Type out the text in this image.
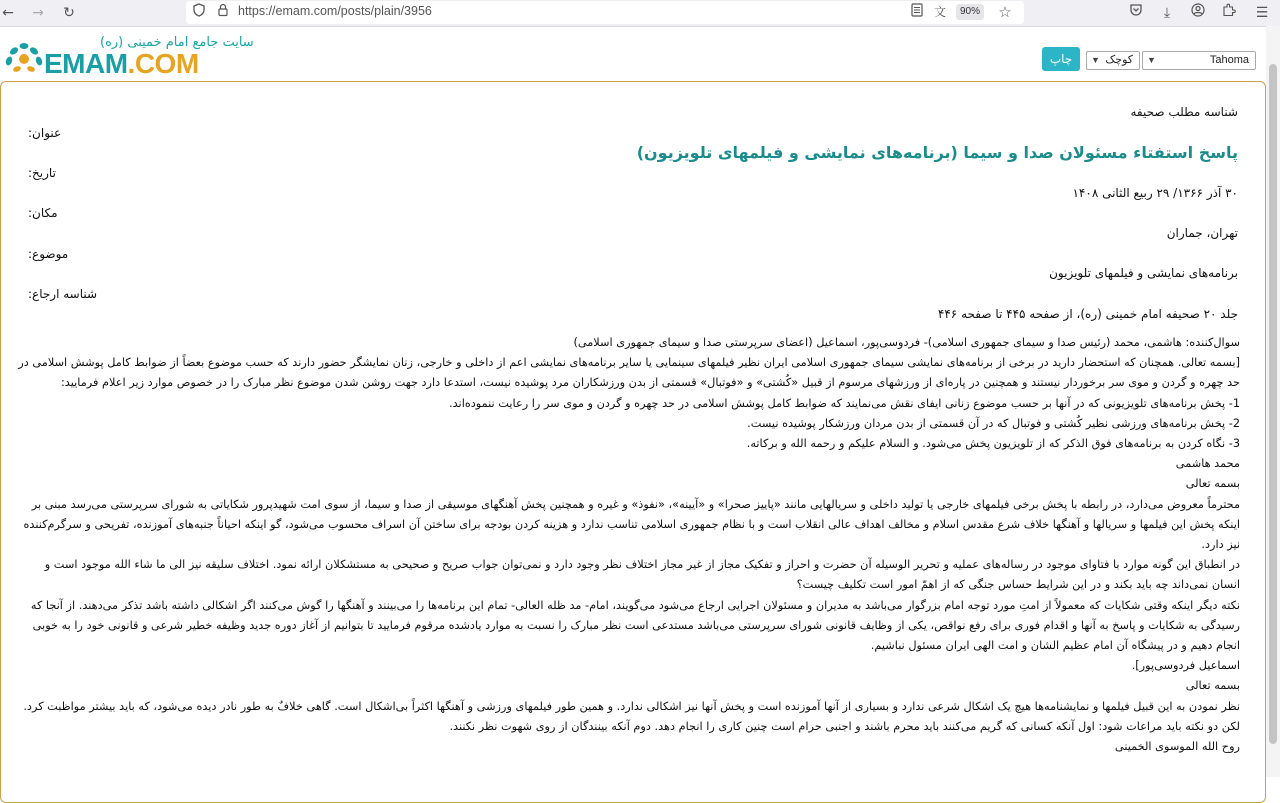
← → ↻	https://emam.com/posts/plain/3956	文	90% ☆	⤓	☰
سایت جامع امام خمینی (ره)
EMAM.COM	چاپ	▼ کوچک ▼	Tahoma
شناسه مطلب صحیفه
عنوان:
پاسخ استفتاء مسئولان صدا و سیما (برنامه‌های نمایشی و فیلمهای تلویزیون)
تاریخ:
۳۰ آذر ۱۳۶۶/ ۲۹ ربیع الثانی ۱۴۰۸
مکان:
تهران، جماران
موضوع:
برنامه‌های نمایشی و فیلمهای تلویزیون
شناسه ارجاع:
جلد ۲۰ صحیفه امام خمینی (ره)، از صفحه ۴۴۵ تا صفحه ۴۴۶

سوال‌کننده: هاشمی، محمد (رئیس صدا و سیمای جمهوری اسلامی)- فردوسی‌پور، اسماعیل (اعضای سرپرستی صدا و سیمای جمهوری اسلامی)

[بسمه تعالی. همچنان که استحضار دارید در برخی از برنامه‌های نمایشی سیمای جمهوری اسلامی ایران نظیر فیلمهای سینمایی یا سایر برنامه‌های نمایشی اعم از داخلی و خارجی، زنان نمایشگر حضور دارند که حسب موضوع بعضاً از ضوابط کامل پوشش اسلامی در حد چهره و گردن و موی سر برخوردار نیستند و همچنین در پاره‌ای از ورزشهای مرسوم از قبیل «کُشتی» و «فوتبال» قسمتی از بدن ورزشکاران مرد پوشیده نیست، استدعا دارد جهت روشن شدن موضوع نظر مبارک را در خصوص موارد زیر اعلام فرمایید:

1- پخش برنامه‌های تلویزیونی که در آنها بر حسب موضوع زنانی ایفای نقش می‌نمایند که ضوابط کامل پوشش اسلامی در حد چهره و گردن و موی سر را رعایت ننموده‌اند.

2- پخش برنامه‌های ورزشی نظیر کُشتی و فوتبال که در آن قسمتی از بدن مردان ورزشکار پوشیده نیست.

3- نگاه کردن به برنامه‌های فوق الذکر که از تلویزیون پخش می‌شود. و السلام علیکم و رحمه الله و برکاته.

محمد هاشمی

بسمه تعالی

محترماً معروض می‌دارد، در رابطه با پخش برخی فیلمهای خارجی یا تولید داخلی و سریالهایی مانند «پاییز صحرا» و «آیینه»، «نفوذ» و غیره و همچنین پخش آهنگهای موسیقی از صدا و سیما، از سوی امت شهیدپرور شکایاتی به شورای سرپرستی می‌رسد مبنی بر اینکه پخش این فیلمها و سریالها و آهنگها خلاف شرع مقدس اسلام و مخالف اهداف عالی انقلاب است و با نظام جمهوری اسلامی تناسب ندارد و هزینه کردن بودجه برای ساختن آن اسراف محسوب می‌شود، گو اینکه احیاناً جنبه‌های آموزنده، تفریحی و سرگرم‌کننده نیز دارد.

در انطباق این گونه موارد با فتاوای موجود در رساله‌های عملیه و تحریر الوسیله آن حضرت و احراز و تفکیک مجاز از غیر مجاز اختلاف نظر وجود دارد و نمی‌توان جواب صریح و صحیحی به مستشکلان ارائه نمود. اختلاف سلیقه نیز الی ما شاء الله موجود است و انسان نمی‌داند چه باید بکند و در این شرایط حساس جنگی که از اهمّ امور است تکلیف چیست؟

نکته دیگر اینکه وقتی شکایات که معمولاً از امتِ مورد توجه امام بزرگوار می‌باشد به مدیران و مسئولان اجرایی ارجاع می‌شود می‌گویند، امام- مد ظله العالی- تمام این برنامه‌ها را می‌بینند و آهنگها را گوش می‌کنند اگر اشکالی داشته باشد تذکر می‌دهند. از آنجا که رسیدگی به شکایات و پاسخ به آنها و اقدام فوری برای رفع نواقص، یکی از وظایف قانونی شورای سرپرستی می‌باشد مستدعی است نظر مبارک را نسبت به موارد یادشده مرقوم فرمایید تا بتوانیم از آغاز دوره جدید وظیفه خطیر شرعی و قانونی خود را به خوبی انجام دهیم و در پیشگاه آن امام عظیم الشان و امت الهی ایران مسئول نباشیم.

اسماعیل فردوسی‌پور].

بسمه تعالی

نظر نمودن به این قبیل فیلمها و نمایشنامه‌ها هیچ یک اشکال شرعی ندارد و بسیاری از آنها آموزنده است و پخش آنها نیز اشکالی ندارد. و همین طور فیلمهای ورزشی و آهنگها اکثراً بی‌اشکال است. گاهی خلافٌ به طور نادر دیده می‌شود، که باید بیشتر مواظبت کرد. لکن دو نکته باید مراعات شود: اول آنکه کسانی که گریم می‌کنند باید محرم باشند و اجنبی حرام است چنین کاری را انجام دهد. دوم آنکه بینندگان از روی شهوت نظر نکنند.

روح الله الموسوی الخمینی
